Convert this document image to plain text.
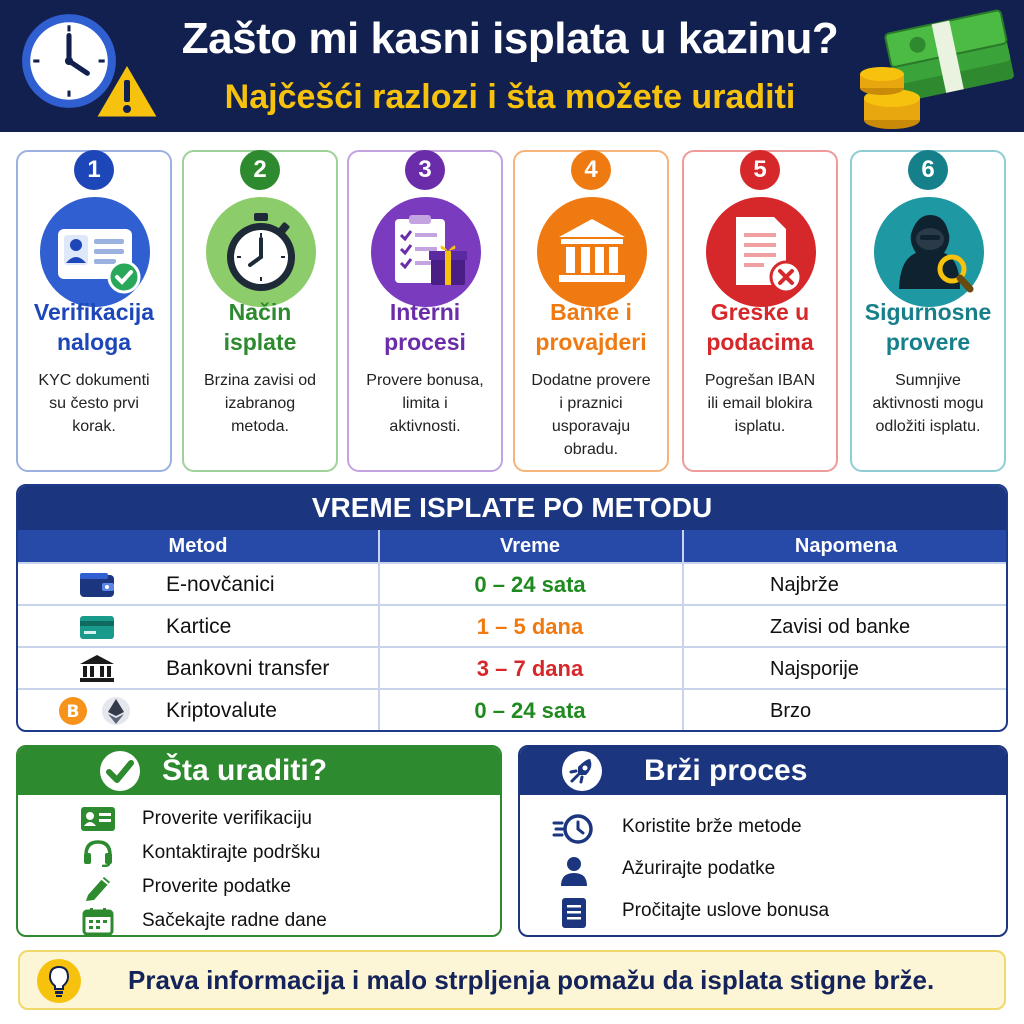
Zašto mi kasni isplata u kazinu?
Najčešći razlozi i šta možete uraditi
1
Verifikacija
naloga
KYC dokumenti
su često prvi
korak.
2
Način
isplate
Brzina zavisi od
izabranog
metoda.
3
Interni
procesi
Provere bonusa,
limita i
aktivnosti.
4
Banke i
provajderi
Dodatne provere
i praznici
usporavaju
obradu.
5
Greške u
podacima
Pogrešan IBAN
ili email blokira
isplatu.
6
Sigurnosne
provere
Sumnjive
aktivnosti mogu
odložiti isplatu.
VREME ISPLATE PO METODU
Metod	Vreme	Napomena
E-novčanici	0 – 24 sata	Najbrže
Kartice	1 – 5 dana	Zavisi od banke
Bankovni transfer	3 – 7 dana	Najsporije
B	Kriptovalute	0 – 24 sata	Brzo
Šta uraditi?
Proverite verifikaciju
Kontaktirajte podršku
Proverite podatke
Sačekajte radne dane
Brži proces
Koristite brže metode
Ažurirajte podatke
Pročitajte uslove bonusa
Prava informacija i malo strpljenja pomažu da isplata stigne brže.
